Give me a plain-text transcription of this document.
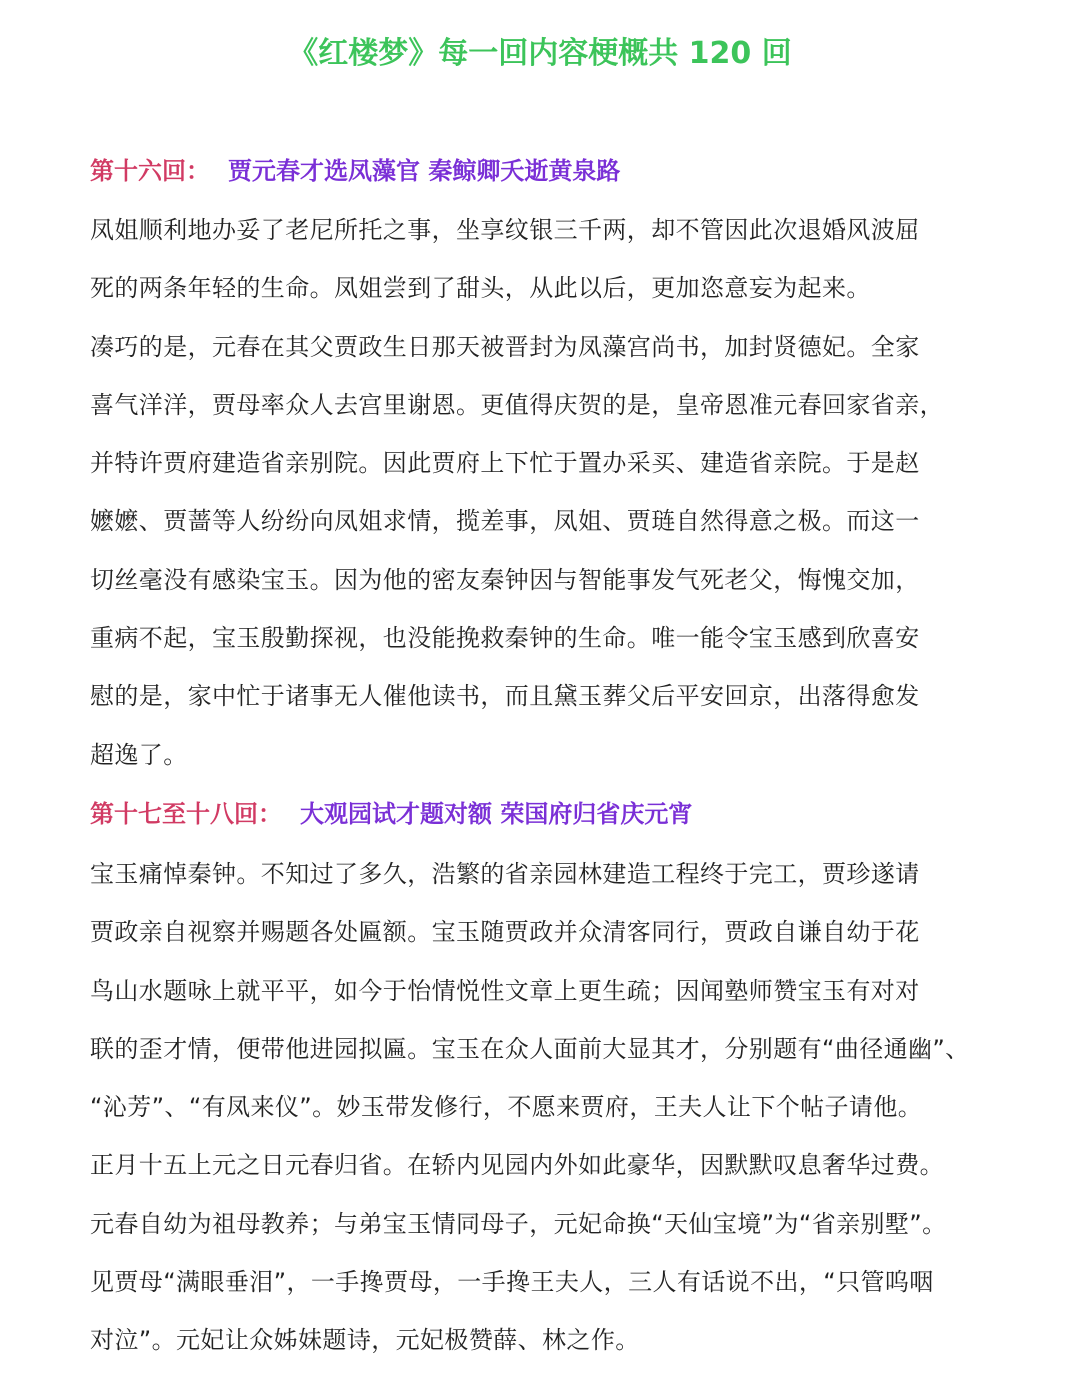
《红楼梦》每一回内容梗概共 120 回
第十六回： 贾元春才选凤藻官 秦鲸卿夭逝黄泉路
凤姐顺利地办妥了老尼所托之事，坐享纹银三千两，却不管因此次退婚风波屈
死的两条年轻的生命。凤姐尝到了甜头，从此以后，更加恣意妄为起来。
凑巧的是，元春在其父贾政生日那天被晋封为凤藻宫尚书，加封贤德妃。全家
喜气洋洋，贾母率众人去宫里谢恩。更值得庆贺的是，皇帝恩准元春回家省亲，
并特许贾府建造省亲别院。因此贾府上下忙于置办采买、建造省亲院。于是赵
嬷嬷、贾蔷等人纷纷向凤姐求情，揽差事，凤姐、贾琏自然得意之极。而这一
切丝毫没有感染宝玉。因为他的密友秦钟因与智能事发气死老父，悔愧交加，
重病不起，宝玉殷勤探视，也没能挽救秦钟的生命。唯一能令宝玉感到欣喜安
慰的是，家中忙于诸事无人催他读书，而且黛玉葬父后平安回京，出落得愈发
超逸了。
第十七至十八回： 大观园试才题对额 荣国府归省庆元宵
宝玉痛悼秦钟。不知过了多久，浩繁的省亲园林建造工程终于完工，贾珍遂请
贾政亲自视察并赐题各处匾额。宝玉随贾政并众清客同行，贾政自谦自幼于花
鸟山水题咏上就平平，如今于怡情悦性文章上更生疏；因闻塾师赞宝玉有对对
联的歪才情，便带他进园拟匾。宝玉在众人面前大显其才，分别题有“曲径通幽”、
“沁芳”、“有凤来仪”。妙玉带发修行，不愿来贾府，王夫人让下个帖子请他。
正月十五上元之日元春归省。在轿内见园内外如此豪华，因默默叹息奢华过费。
元春自幼为祖母教养；与弟宝玉情同母子，元妃命换“天仙宝境”为“省亲别墅”。
见贾母“满眼垂泪”，一手搀贾母，一手搀王夫人，三人有话说不出，“只管呜咽
对泣”。元妃让众姊妹题诗，元妃极赞薛、林之作。
